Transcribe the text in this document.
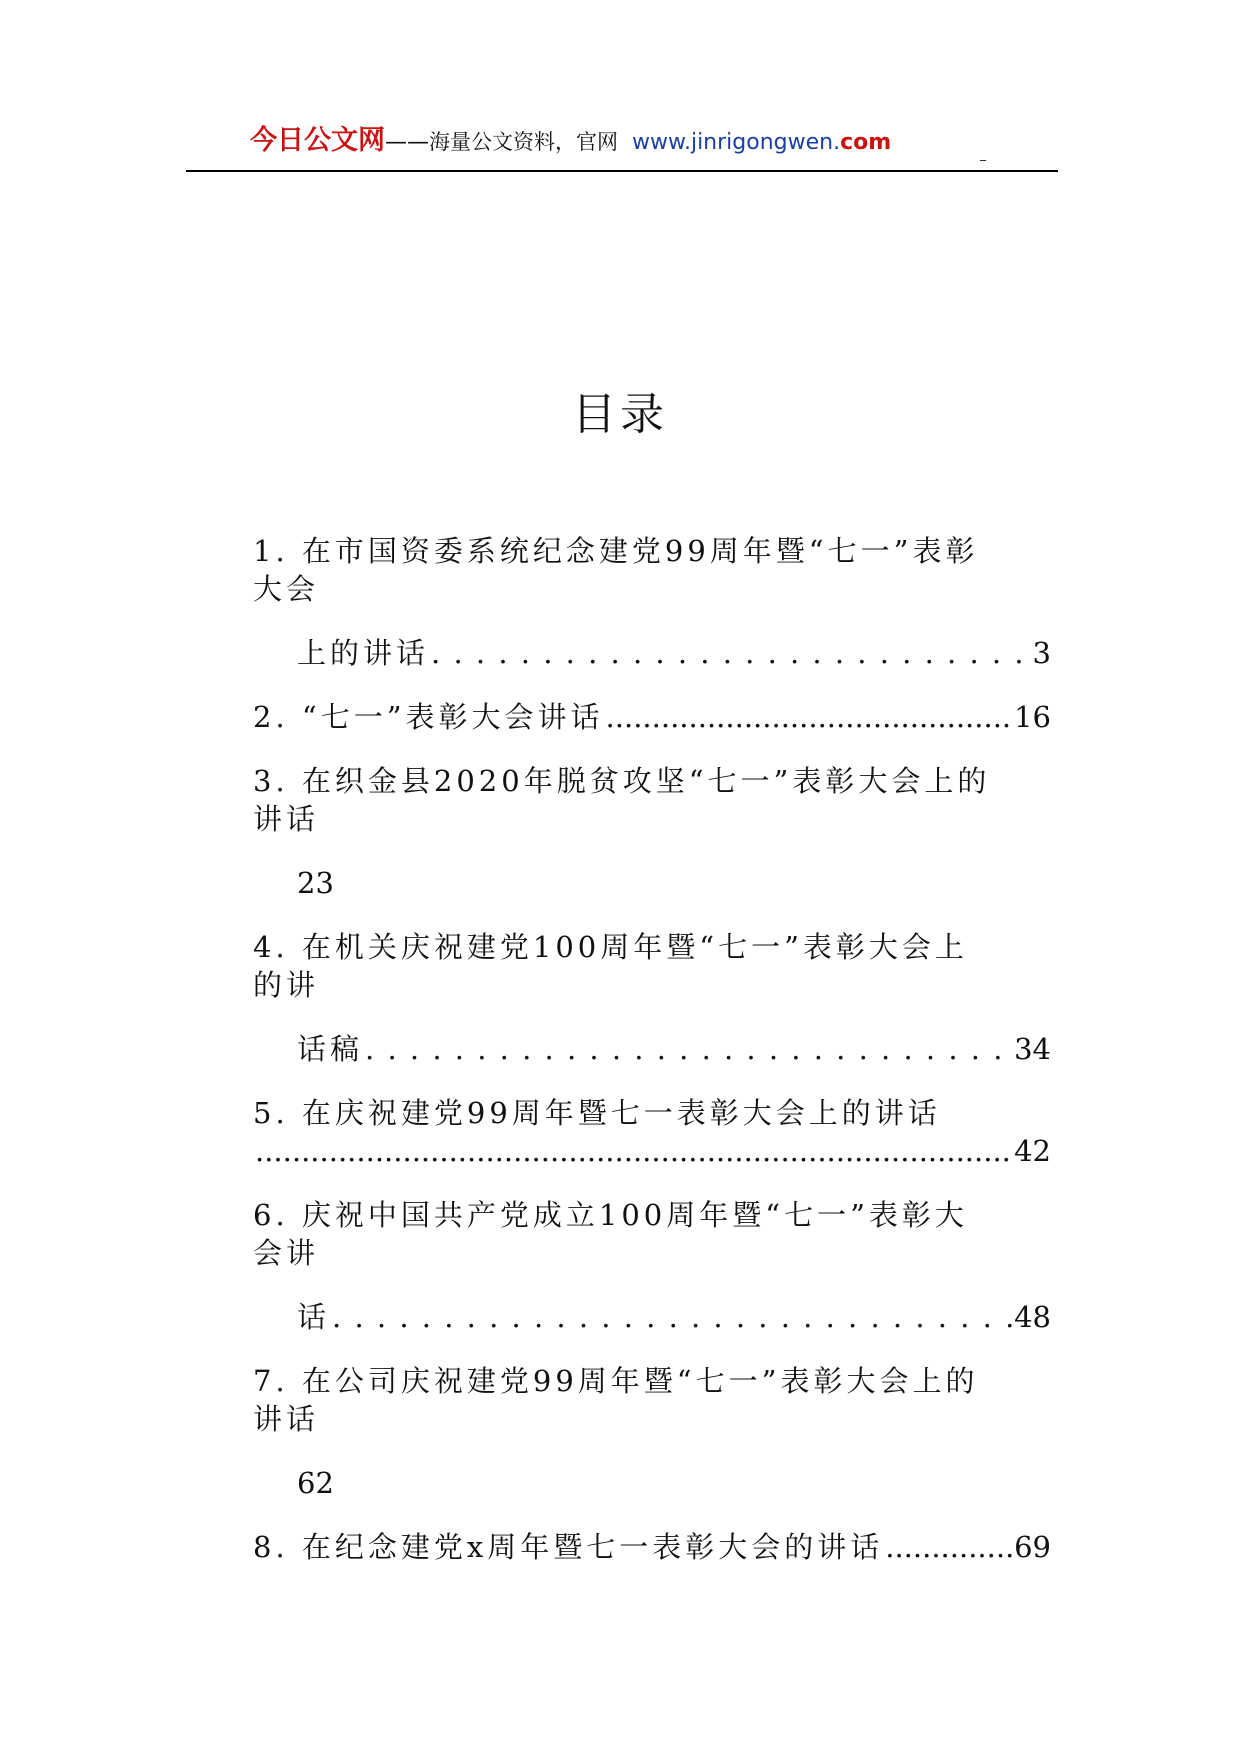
今日公文网——海量公文资料，官网 www.jinrigongwen.com
目录
1. 在市国资委系统纪念建党99周年暨“七一”表彰
大会
上的讲话 . . .	3
2. “七一”表彰大会讲话 .....	16
3. 在织金县2020年脱贫攻坚“七一”表彰大会上的
讲话
23
4. 在机关庆祝建党100周年暨“七一”表彰大会上
的讲
话稿 . . .	34
5. 在庆祝建党99周年暨七一表彰大会上的讲话
.....
42
6. 庆祝中国共产党成立100周年暨“七一”表彰大
会讲
话 . . .	48
7. 在公司庆祝建党99周年暨“七一”表彰大会上的
讲话
62
8. 在纪念建党x周年暨七一表彰大会的讲话 .....	69
